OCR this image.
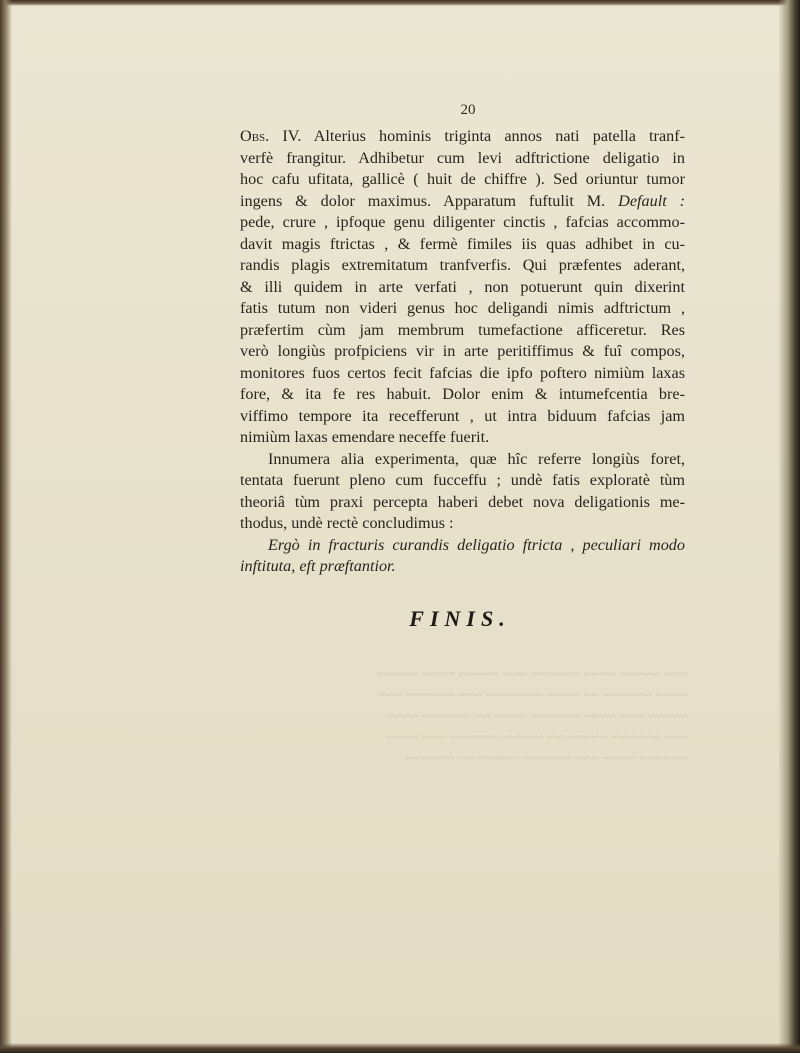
20
Obs. IV. Alterius hominis triginta annos nati patella tranf-
verfè frangitur. Adhibetur cum levi adftrictione deligatio in
hoc cafu ufitata, gallicè ( huit de chiffre ). Sed oriuntur tumor
ingens & dolor maximus. Apparatum fuftulit M. Default :
pede, crure , ipfoque genu diligenter cinctis , fafcias accommo-
davit magis ftrictas , & fermè fimiles iis quas adhibet in cu-
randis plagis extremitatum tranfverfis. Qui præfentes aderant,
& illi quidem in arte verfati , non potuerunt quin dixerint
fatis tutum non videri genus hoc deligandi nimis adftrictum ,
præfertim cùm jam membrum tumefactione afficeretur. Res
verò longiùs profpiciens vir in arte peritiffimus & fuî compos,
monitores fuos certos fecit fafcias die ipfo poftero nimiùm laxas
fore, & ita fe res habuit. Dolor enim & intumefcentia bre-
viffimo tempore ita recefferunt , ut intra biduum fafcias jam
nimiùm laxas emendare neceffe fuerit.
Innumera alia experimenta, quæ hîc referre longiùs foret,
tentata fuerunt pleno cum fucceffu ; undè fatis exploratè tùm
theoriâ tùm praxi percepta haberi debet nova deligationis me-
thodus, undè rectè concludimus :
Ergò in fracturis curandis deligatio ftricta , peculiari modo
inftituta, eft præftantior.
FINIS.
~~~ ~~~~~ ~~~~ ~~~~~~ ~~~ ~~~~~ ~~~~ ~~~~~
~~~~ ~~~~~~ ~~ ~~~~ ~~~~~~~ ~~~ ~~~~~~ ~~~
~~~~~ ~~~ ~~~~ ~~~~~~ ~~~~ ~~ ~~~~~~ ~~~~
~~~ ~~~~~~ ~~~~~ ~~ ~~~~~ ~~~~~~ ~~~ ~~~~
~~~~~~ ~~~~ ~~~ ~~~~~~ ~~~~~ ~~ ~~~~~~
